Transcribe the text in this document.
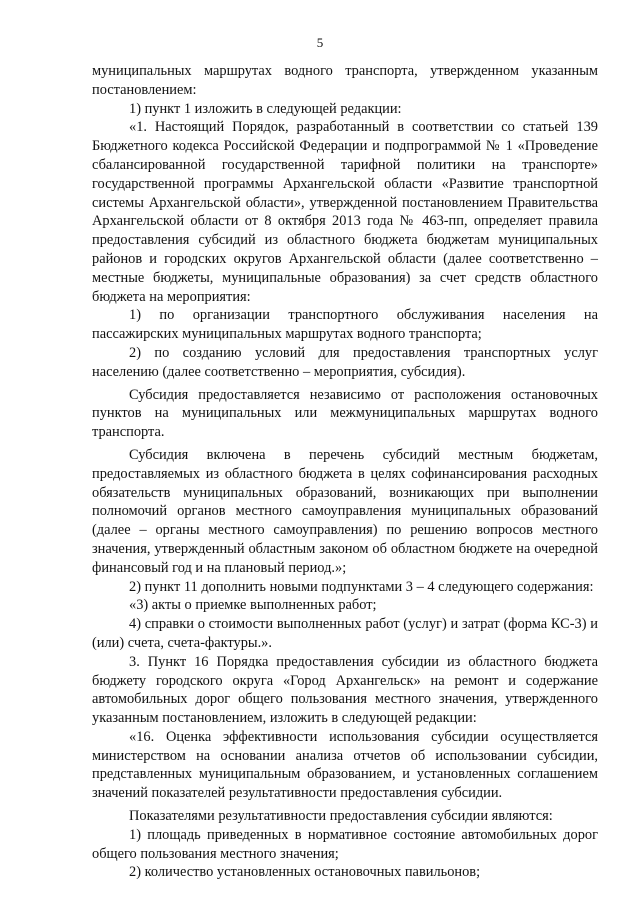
5

муниципальных маршрутах водного транспорта, утвержденном указанным постановлением:

1) пункт 1 изложить в следующей редакции:

«1. Настоящий Порядок, разработанный в соответствии со статьей 139 Бюджетного кодекса Российской Федерации и подпрограммой № 1 «Проведение сбалансированной государственной тарифной политики на транспорте» государственной программы Архангельской области «Развитие транспортной системы Архангельской области», утвержденной постановлением Правительства Архангельской области от 8 октября 2013 года № 463-пп, определяет правила предоставления субсидий из областного бюджета бюджетам муниципальных районов и городских округов Архангельской области (далее соответственно – местные бюджеты, муниципальные образования) за счет средств областного бюджета на мероприятия:

1) по организации транспортного обслуживания населения на пассажирских муниципальных маршрутах водного транспорта;

2) по созданию условий для предоставления транспортных услуг населению (далее соответственно – мероприятия, субсидия).

Субсидия предоставляется независимо от расположения остановочных пунктов на муниципальных или межмуниципальных маршрутах водного транспорта.

Субсидия включена в перечень субсидий местным бюджетам, предоставляемых из областного бюджета в целях софинансирования расходных обязательств муниципальных образований, возникающих при выполнении полномочий органов местного самоуправления муниципальных образований (далее – органы местного самоуправления) по решению вопросов местного значения, утвержденный областным законом об областном бюджете на очередной финансовый год и на плановый период.»;

2) пункт 11 дополнить новыми подпунктами 3 – 4 следующего содержания:

«3) акты о приемке выполненных работ;

4) справки о стоимости выполненных работ (услуг) и затрат (форма КС-3) и (или) счета, счета-фактуры.».

3. Пункт 16 Порядка предоставления субсидии из областного бюджета бюджету городского округа «Город Архангельск» на ремонт и содержание автомобильных дорог общего пользования местного значения, утвержденного указанным постановлением, изложить в следующей редакции:

«16. Оценка эффективности использования субсидии осуществляется министерством на основании анализа отчетов об использовании субсидии, представленных муниципальным образованием, и установленных соглашением значений показателей результативности предоставления субсидии.

Показателями результативности предоставления субсидии являются:

1) площадь приведенных в нормативное состояние автомобильных дорог общего пользования местного значения;

2) количество установленных остановочных павильонов;
